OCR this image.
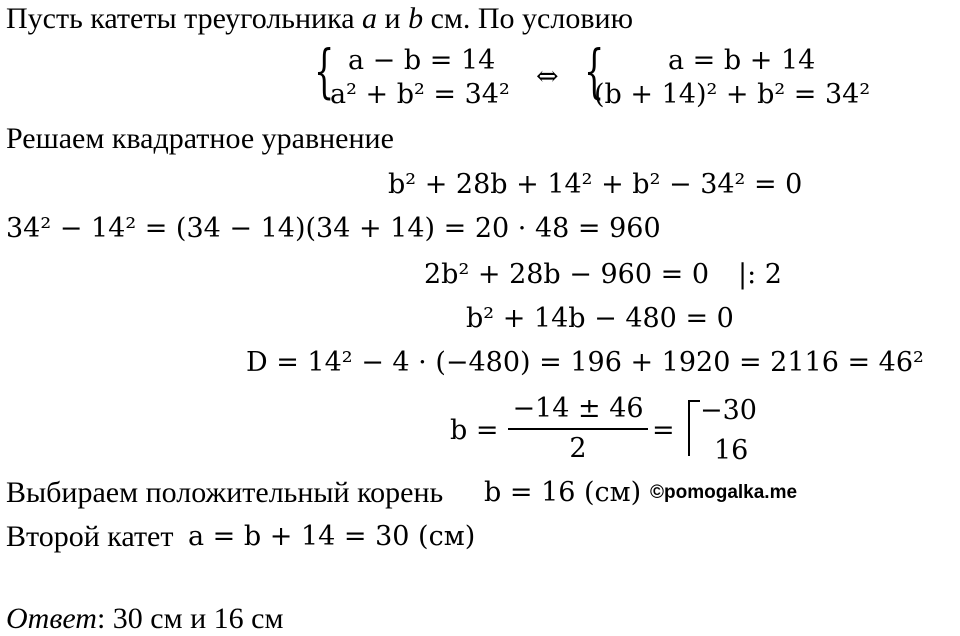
Пусть катеты треугольника a и b см. По условию
{ a − b = 14
a² + b² = 34²
⇔ { a = b + 14
(b + 14)² + b² = 34²
Решаем квадратное уравнение
b² + 28b + 14² + b² − 34² = 0
34² − 14² = (34 − 14)(34 + 14) = 20 · 48 = 960
2b² + 28b − 960 = 0 |: 2
b² + 14b − 480 = 0
D = 14² − 4 · (−480) = 196 + 1920 = 2116 = 46²
b =
−14 ± 46
2
=
−30
16
Выбираем положительный корень b = 16 (см) ©pomogalka.me
Второй катет a = b + 14 = 30 (см)
Ответ: 30 см и 16 см
